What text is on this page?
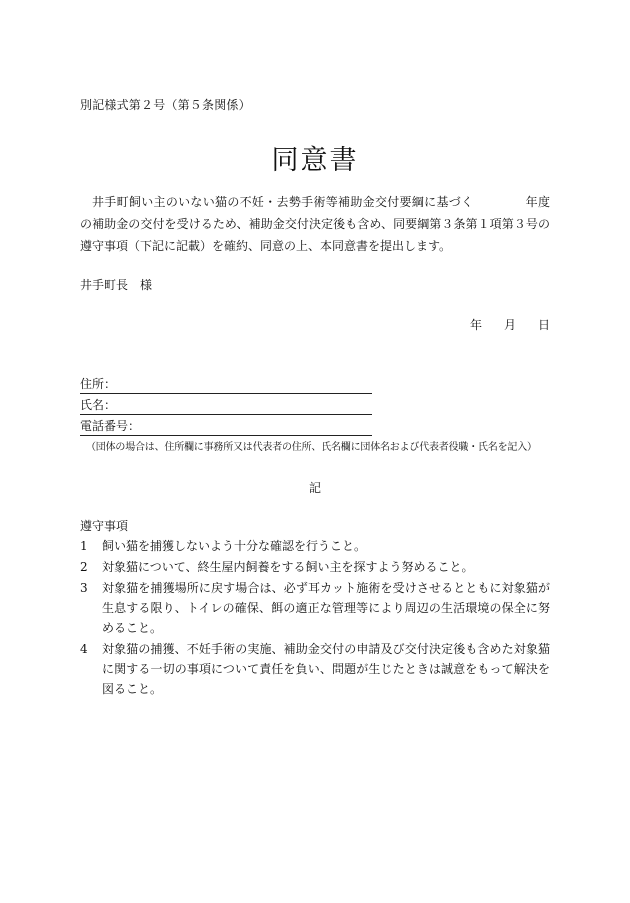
別記様式第２号（第５条関係）
同意書

井手町飼い主のいない猫の不妊・去勢手術等補助金交付要綱に基づく	年度の補助金の交付を受けるため、補助金交付決定後も含め、同要綱第３条第１項第３号の遵守事項（下記に記載）を確約、同意の上、本同意書を提出します。

井手町長　様
年 月 日
住所：
氏名：
電話番号：
（団体の場合は、住所欄に事務所又は代表者の住所、氏名欄に団体名および代表者役職・氏名を記入）
記
遵守事項
1	飼い猫を捕獲しないよう十分な確認を行うこと。
2	対象猫について、終生屋内飼養をする飼い主を探すよう努めること。
3	対象猫を捕獲場所に戻す場合は、必ず耳カット施術を受けさせるとともに対象猫が生息する限り、トイレの確保、餌の適正な管理等により周辺の生活環境の保全に努めること。
4	対象猫の捕獲、不妊手術の実施、補助金交付の申請及び交付決定後も含めた対象猫に関する一切の事項について責任を負い、問題が生じたときは誠意をもって解決を図ること。
